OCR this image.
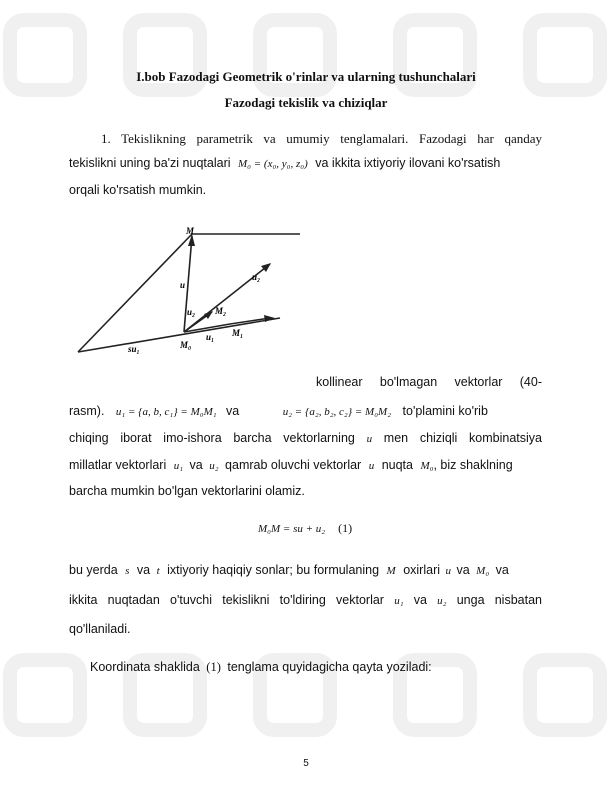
I.bob Fazodagi Geometrik o'rinlar va ularning tushunchalari
Fazodagi tekislik va chiziqlar
1. Tekislikning parametrik va umumiy tenglamalari. Fazodagi har qanday
tekislikni uning ba'zi nuqtalari M₀ = (x₀, y₀, z₀) va ikkita ixtiyoriy ilovani ko'rsatish
orqali ko'rsatish mumkin.
M
u
u₂
M₂
u₂
su₁	M₀
u₁ M₁
kollinear bo'lmagan vektorlar (40-
rasm). u₁ = {a, b, c₁} = M₀M₁ va	u₂ = {a₂, b₂, c₂} = M₀M₂ to'plamini ko'rib
chiqing iborat imo-ishora barcha vektorlarning u men chiziqli kombinatsiya
millatlar vektorlari u₁ va u₂ qamrab oluvchi vektorlar u nuqta M₀, biz shaklning
barcha mumkin bo'lgan vektorlarini olamiz.
M₀M = su + u₂ (1)
bu yerda s va t ixtiyoriy haqiqiy sonlar; bu formulaning M oxirlari u va M₀ va
ikkita nuqtadan o'tuvchi tekislikni to'ldiring vektorlar u₁ va u₂ unga nisbatan
qo'llaniladi.
Koordinata shaklida (1) tenglama quyidagicha qayta yoziladi:
5
